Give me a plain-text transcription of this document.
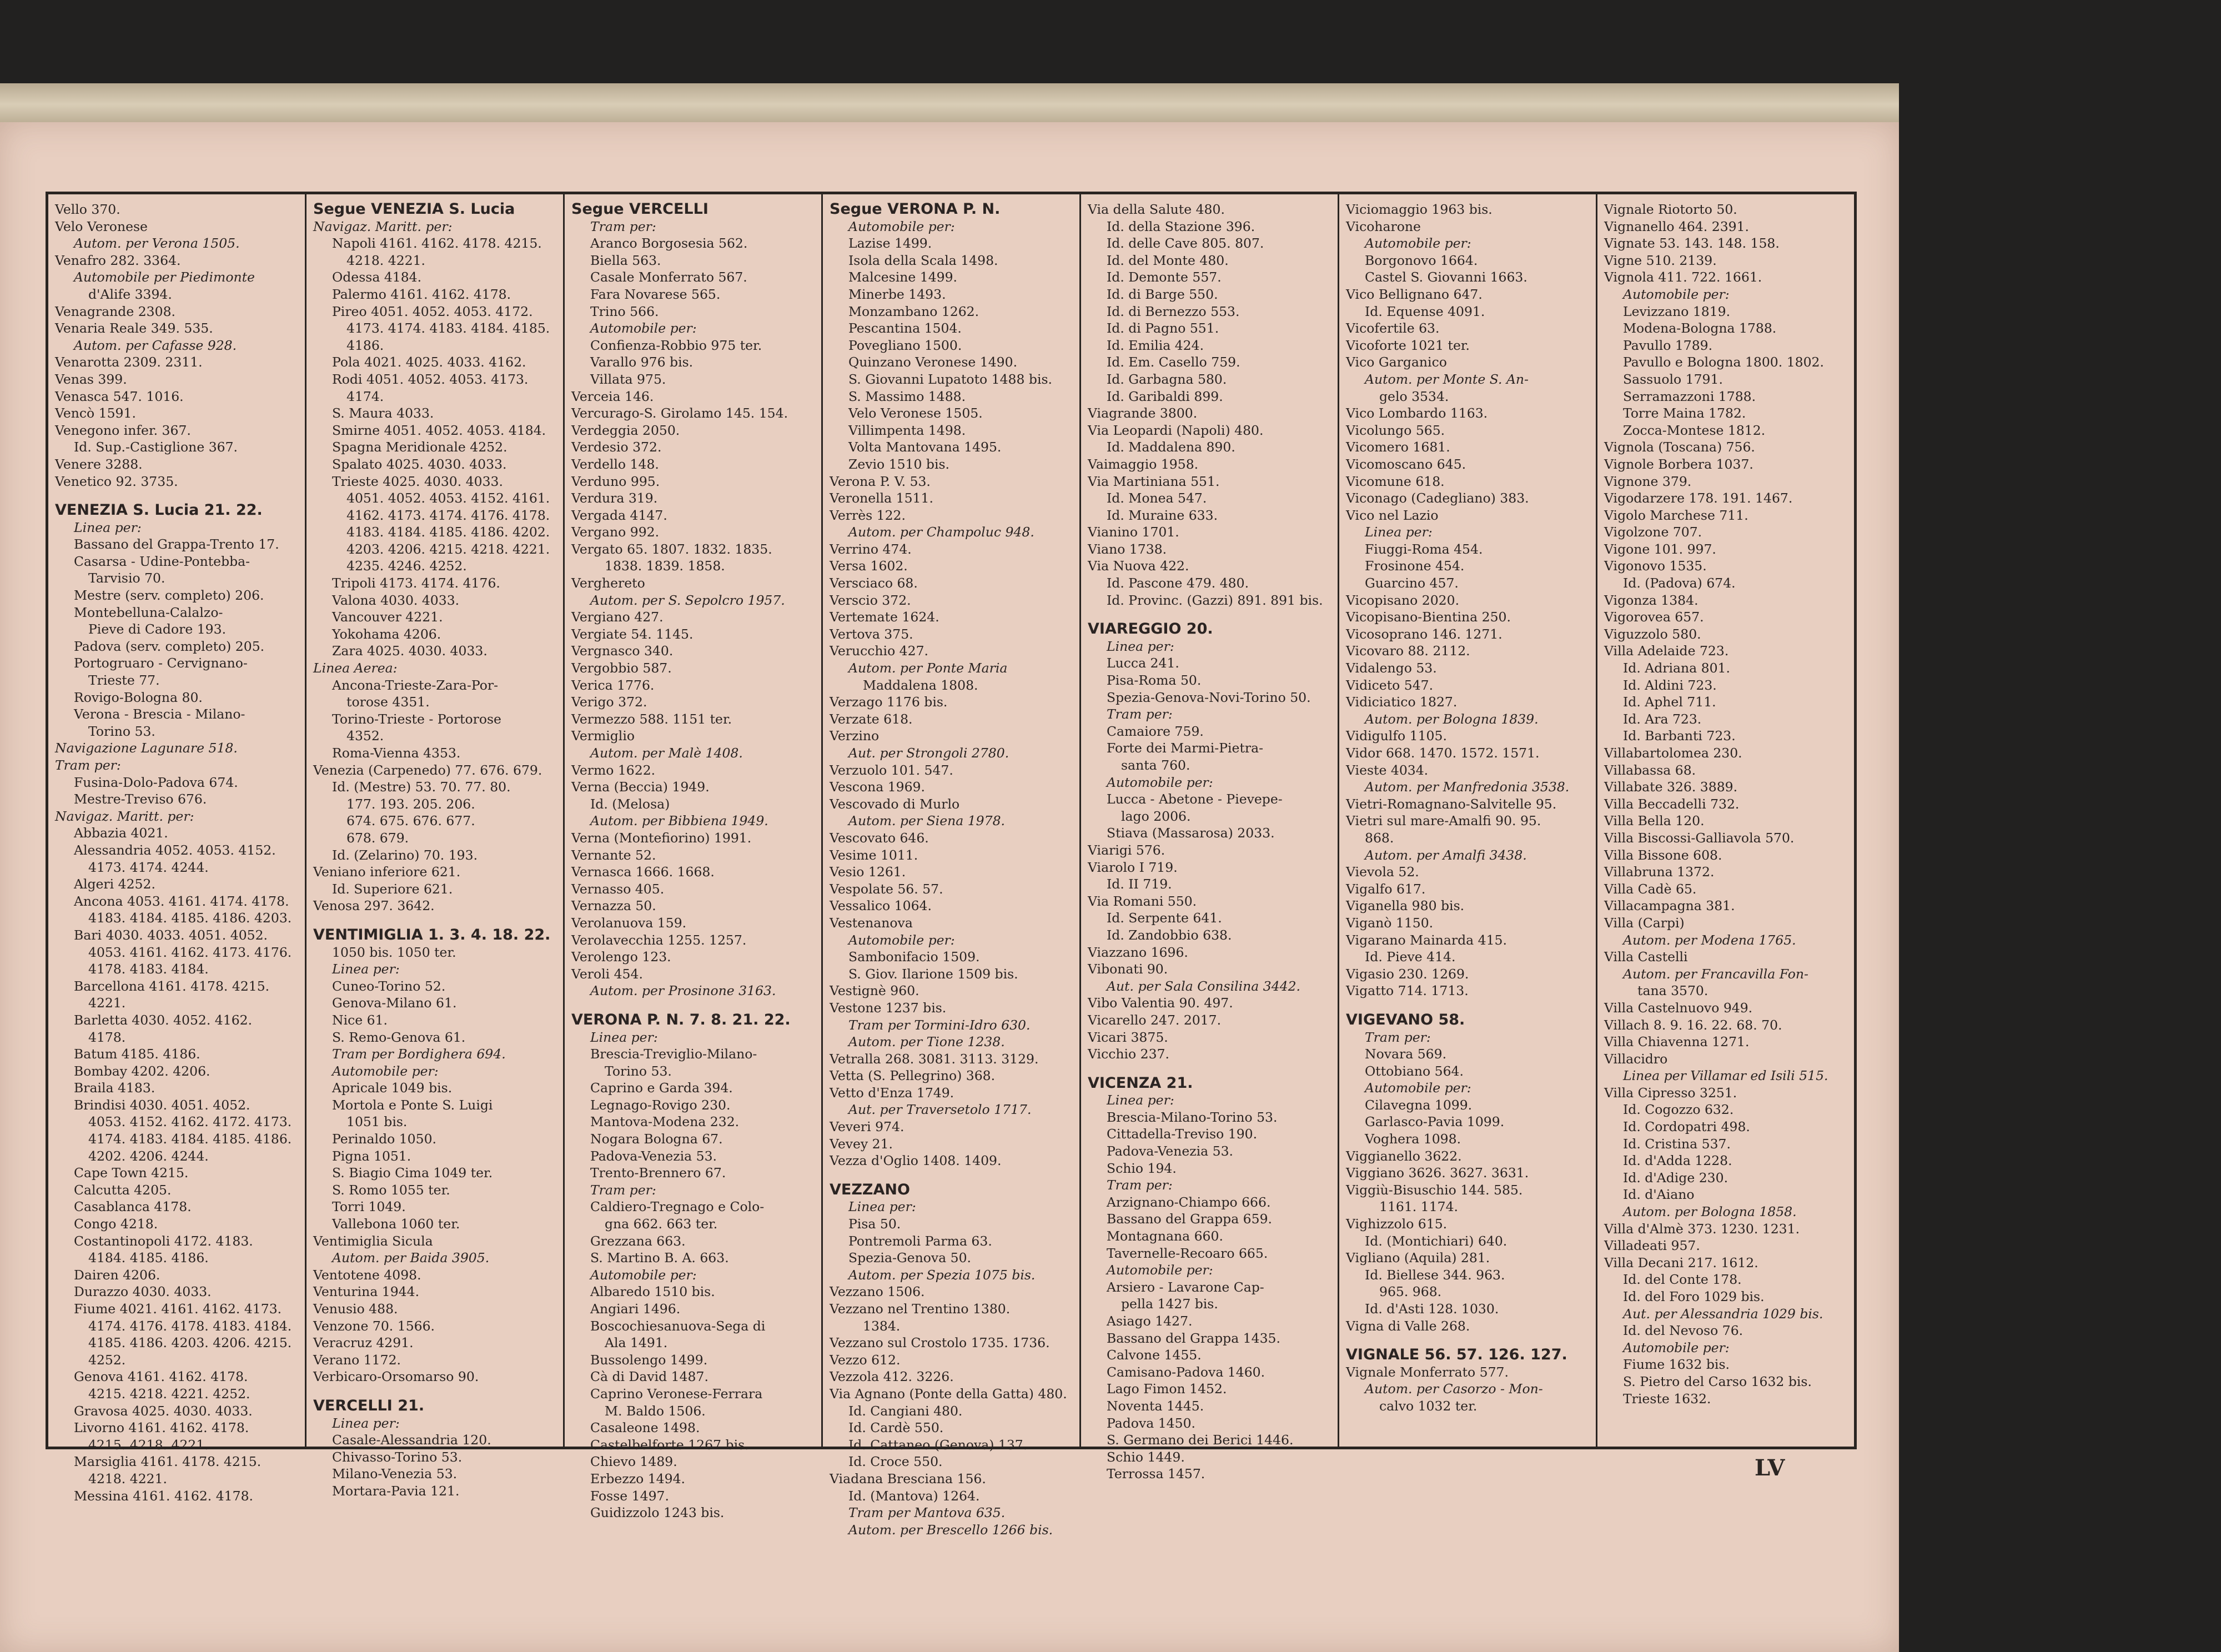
Vello 370.
Velo Veronese
Autom. per Verona 1505.
Venafro 282. 3364.
Automobile per Piedimonte
d'Alife 3394.
Venagrande 2308.
Venaria Reale 349. 535.
Autom. per Cafasse 928.
Venarotta 2309. 2311.
Venas 399.
Venasca 547. 1016.
Vencò 1591.
Venegono infer. 367.
Id. Sup.-Castiglione 367.
Venere 3288.
Venetico 92. 3735.
VENEZIA S. Lucia 21. 22.
Linea per:
Bassano del Grappa-Trento 17.
Casarsa - Udine-Pontebba-
Tarvisio 70.
Mestre (serv. completo) 206.
Montebelluna-Calalzo-
Pieve di Cadore 193.
Padova (serv. completo) 205.
Portogruaro - Cervignano-
Trieste 77.
Rovigo-Bologna 80.
Verona - Brescia - Milano-
Torino 53.
Navigazione Lagunare 518.
Tram per:
Fusina-Dolo-Padova 674.
Mestre-Treviso 676.
Navigaz. Maritt. per:
Abbazia 4021.
Alessandria 4052. 4053. 4152.
4173. 4174. 4244.
Algeri 4252.
Ancona 4053. 4161. 4174. 4178.
4183. 4184. 4185. 4186. 4203.
Bari 4030. 4033. 4051. 4052.
4053. 4161. 4162. 4173. 4176.
4178. 4183. 4184.
Barcellona 4161. 4178. 4215.
4221.
Barletta 4030. 4052. 4162.
4178.
Batum 4185. 4186.
Bombay 4202. 4206.
Braila 4183.
Brindisi 4030. 4051. 4052.
4053. 4152. 4162. 4172. 4173.
4174. 4183. 4184. 4185. 4186.
4202. 4206. 4244.
Cape Town 4215.
Calcutta 4205.
Casablanca 4178.
Congo 4218.
Costantinopoli 4172. 4183.
4184. 4185. 4186.
Dairen 4206.
Durazzo 4030. 4033.
Fiume 4021. 4161. 4162. 4173.
4174. 4176. 4178. 4183. 4184.
4185. 4186. 4203. 4206. 4215.
4252.
Genova 4161. 4162. 4178.
4215. 4218. 4221. 4252.
Gravosa 4025. 4030. 4033.
Livorno 4161. 4162. 4178.
4215. 4218. 4221.
Marsiglia 4161. 4178. 4215.
4218. 4221.
Messina 4161. 4162. 4178.
Segue VENEZIA S. Lucia
Navigaz. Maritt. per:
Napoli 4161. 4162. 4178. 4215.
4218. 4221.
Odessa 4184.
Palermo 4161. 4162. 4178.
Pireo 4051. 4052. 4053. 4172.
4173. 4174. 4183. 4184. 4185.
4186.
Pola 4021. 4025. 4033. 4162.
Rodi 4051. 4052. 4053. 4173.
4174.
S. Maura 4033.
Smirne 4051. 4052. 4053. 4184.
Spagna Meridionale 4252.
Spalato 4025. 4030. 4033.
Trieste 4025. 4030. 4033.
4051. 4052. 4053. 4152. 4161.
4162. 4173. 4174. 4176. 4178.
4183. 4184. 4185. 4186. 4202.
4203. 4206. 4215. 4218. 4221.
4235. 4246. 4252.
Tripoli 4173. 4174. 4176.
Valona 4030. 4033.
Vancouver 4221.
Yokohama 4206.
Zara 4025. 4030. 4033.
Linea Aerea:
Ancona-Trieste-Zara-Por-
torose 4351.
Torino-Trieste - Portorose
4352.
Roma-Vienna 4353.
Venezia (Carpenedo) 77. 676. 679.
Id. (Mestre) 53. 70. 77. 80.
177. 193. 205. 206.
674. 675. 676. 677.
678. 679.
Id. (Zelarino) 70. 193.
Veniano inferiore 621.
Id. Superiore 621.
Venosa 297. 3642.
VENTIMIGLIA 1. 3. 4. 18. 22.
1050 bis. 1050 ter.
Linea per:
Cuneo-Torino 52.
Genova-Milano 61.
Nice 61.
S. Remo-Genova 61.
Tram per Bordighera 694.
Automobile per:
Apricale 1049 bis.
Mortola e Ponte S. Luigi
1051 bis.
Perinaldo 1050.
Pigna 1051.
S. Biagio Cima 1049 ter.
S. Romo 1055 ter.
Torri 1049.
Vallebona 1060 ter.
Ventimiglia Sicula
Autom. per Baida 3905.
Ventotene 4098.
Venturina 1944.
Venusio 488.
Venzone 70. 1566.
Veracruz 4291.
Verano 1172.
Verbicaro-Orsomarso 90.
VERCELLI 21.
Linea per:
Casale-Alessandria 120.
Chivasso-Torino 53.
Milano-Venezia 53.
Mortara-Pavia 121.
Segue VERCELLI
Tram per:
Aranco Borgosesia 562.
Biella 563.
Casale Monferrato 567.
Fara Novarese 565.
Trino 566.
Automobile per:
Confienza-Robbio 975 ter.
Varallo 976 bis.
Villata 975.
Verceia 146.
Vercurago-S. Girolamo 145. 154.
Verdeggia 2050.
Verdesio 372.
Verdello 148.
Verduno 995.
Verdura 319.
Vergada 4147.
Vergano 992.
Vergato 65. 1807. 1832. 1835.
1838. 1839. 1858.
Verghereto
Autom. per S. Sepolcro 1957.
Vergiano 427.
Vergiate 54. 1145.
Vergnasco 340.
Vergobbio 587.
Verica 1776.
Verigo 372.
Vermezzo 588. 1151 ter.
Vermiglio
Autom. per Malè 1408.
Vermo 1622.
Verna (Beccia) 1949.
Id. (Melosa)
Autom. per Bibbiena 1949.
Verna (Montefiorino) 1991.
Vernante 52.
Vernasca 1666. 1668.
Vernasso 405.
Vernazza 50.
Verolanuova 159.
Verolavecchia 1255. 1257.
Verolengo 123.
Veroli 454.
Autom. per Prosinone 3163.
VERONA P. N. 7. 8. 21. 22.
Linea per:
Brescia-Treviglio-Milano-
Torino 53.
Caprino e Garda 394.
Legnago-Rovigo 230.
Mantova-Modena 232.
Nogara Bologna 67.
Padova-Venezia 53.
Trento-Brennero 67.
Tram per:
Caldiero-Tregnago e Colo-
gna 662. 663 ter.
Grezzana 663.
S. Martino B. A. 663.
Automobile per:
Albaredo 1510 bis.
Angiari 1496.
Boscochiesanuova-Sega di
Ala 1491.
Bussolengo 1499.
Cà di David 1487.
Caprino Veronese-Ferrara
M. Baldo 1506.
Casaleone 1498.
Castelbelforte 1267 bis.
Chievo 1489.
Erbezzo 1494.
Fosse 1497.
Guidizzolo 1243 bis.
Segue VERONA P. N.
Automobile per:
Lazise 1499.
Isola della Scala 1498.
Malcesine 1499.
Minerbe 1493.
Monzambano 1262.
Pescantina 1504.
Povegliano 1500.
Quinzano Veronese 1490.
S. Giovanni Lupatoto 1488 bis.
S. Massimo 1488.
Velo Veronese 1505.
Villimpenta 1498.
Volta Mantovana 1495.
Zevio 1510 bis.
Verona P. V. 53.
Veronella 1511.
Verrès 122.
Autom. per Champoluc 948.
Verrino 474.
Versa 1602.
Versciaco 68.
Verscio 372.
Vertemate 1624.
Vertova 375.
Verucchio 427.
Autom. per Ponte Maria
Maddalena 1808.
Verzago 1176 bis.
Verzate 618.
Verzino
Aut. per Strongoli 2780.
Verzuolo 101. 547.
Vescona 1969.
Vescovado di Murlo
Autom. per Siena 1978.
Vescovato 646.
Vesime 1011.
Vesio 1261.
Vespolate 56. 57.
Vessalico 1064.
Vestenanova
Automobile per:
Sambonifacio 1509.
S. Giov. Ilarione 1509 bis.
Vestignè 960.
Vestone 1237 bis.
Tram per Tormini-Idro 630.
Autom. per Tione 1238.
Vetralla 268. 3081. 3113. 3129.
Vetta (S. Pellegrino) 368.
Vetto d'Enza 1749.
Aut. per Traversetolo 1717.
Veveri 974.
Vevey 21.
Vezza d'Oglio 1408. 1409.
VEZZANO
Linea per:
Pisa 50.
Pontremoli Parma 63.
Spezia-Genova 50.
Autom. per Spezia 1075 bis.
Vezzano 1506.
Vezzano nel Trentino 1380.
1384.
Vezzano sul Crostolo 1735. 1736.
Vezzo 612.
Vezzola 412. 3226.
Via Agnano (Ponte della Gatta) 480.
Id. Cangiani 480.
Id. Cardè 550.
Id. Cattaneo (Genova) 137.
Id. Croce 550.
Viadana Bresciana 156.
Id. (Mantova) 1264.
Tram per Mantova 635.
Autom. per Brescello 1266 bis.
Via della Salute 480.
Id. della Stazione 396.
Id. delle Cave 805. 807.
Id. del Monte 480.
Id. Demonte 557.
Id. di Barge 550.
Id. di Bernezzo 553.
Id. di Pagno 551.
Id. Emilia 424.
Id. Em. Casello 759.
Id. Garbagna 580.
Id. Garibaldi 899.
Viagrande 3800.
Via Leopardi (Napoli) 480.
Id. Maddalena 890.
Vaimaggio 1958.
Via Martiniana 551.
Id. Monea 547.
Id. Muraine 633.
Vianino 1701.
Viano 1738.
Via Nuova 422.
Id. Pascone 479. 480.
Id. Provinc. (Gazzi) 891. 891 bis.
VIAREGGIO 20.
Linea per:
Lucca 241.
Pisa-Roma 50.
Spezia-Genova-Novi-Torino 50.
Tram per:
Camaiore 759.
Forte dei Marmi-Pietra-
santa 760.
Automobile per:
Lucca - Abetone - Pievepe-
lago 2006.
Stiava (Massarosa) 2033.
Viarigi 576.
Viarolo I 719.
Id. II 719.
Via Romani 550.
Id. Serpente 641.
Id. Zandobbio 638.
Viazzano 1696.
Vibonati 90.
Aut. per Sala Consilina 3442.
Vibo Valentia 90. 497.
Vicarello 247. 2017.
Vicari 3875.
Vicchio 237.
VICENZA 21.
Linea per:
Brescia-Milano-Torino 53.
Cittadella-Treviso 190.
Padova-Venezia 53.
Schio 194.
Tram per:
Arzignano-Chiampo 666.
Bassano del Grappa 659.
Montagnana 660.
Tavernelle-Recoaro 665.
Automobile per:
Arsiero - Lavarone Cap-
pella 1427 bis.
Asiago 1427.
Bassano del Grappa 1435.
Calvone 1455.
Camisano-Padova 1460.
Lago Fimon 1452.
Noventa 1445.
Padova 1450.
S. Germano dei Berici 1446.
Schio 1449.
Terrossa 1457.
Viciomaggio 1963 bis.
Vicoharone
Automobile per:
Borgonovo 1664.
Castel S. Giovanni 1663.
Vico Bellignano 647.
Id. Equense 4091.
Vicofertile 63.
Vicoforte 1021 ter.
Vico Garganico
Autom. per Monte S. An-
gelo 3534.
Vico Lombardo 1163.
Vicolungo 565.
Vicomero 1681.
Vicomoscano 645.
Vicomune 618.
Viconago (Cadegliano) 383.
Vico nel Lazio
Linea per:
Fiuggi-Roma 454.
Frosinone 454.
Guarcino 457.
Vicopisano 2020.
Vicopisano-Bientina 250.
Vicosoprano 146. 1271.
Vicovaro 88. 2112.
Vidalengo 53.
Vidiceto 547.
Vidiciatico 1827.
Autom. per Bologna 1839.
Vidigulfo 1105.
Vidor 668. 1470. 1572. 1571.
Vieste 4034.
Autom. per Manfredonia 3538.
Vietri-Romagnano-Salvitelle 95.
Vietri sul mare-Amalfi 90. 95.
868.
Autom. per Amalfi 3438.
Vievola 52.
Vigalfo 617.
Viganella 980 bis.
Viganò 1150.
Vigarano Mainarda 415.
Id. Pieve 414.
Vigasio 230. 1269.
Vigatto 714. 1713.
VIGEVANO 58.
Tram per:
Novara 569.
Ottobiano 564.
Automobile per:
Cilavegna 1099.
Garlasco-Pavia 1099.
Voghera 1098.
Viggianello 3622.
Viggiano 3626. 3627. 3631.
Viggiù-Bisuschio 144. 585.
1161. 1174.
Vighizzolo 615.
Id. (Montichiari) 640.
Vigliano (Aquila) 281.
Id. Biellese 344. 963.
965. 968.
Id. d'Asti 128. 1030.
Vigna di Valle 268.
VIGNALE 56. 57. 126. 127.
Vignale Monferrato 577.
Autom. per Casorzo - Mon-
calvo 1032 ter.
Vignale Riotorto 50.
Vignanello 464. 2391.
Vignate 53. 143. 148. 158.
Vigne 510. 2139.
Vignola 411. 722. 1661.
Automobile per:
Levizzano 1819.
Modena-Bologna 1788.
Pavullo 1789.
Pavullo e Bologna 1800. 1802.
Sassuolo 1791.
Serramazzoni 1788.
Torre Maina 1782.
Zocca-Montese 1812.
Vignola (Toscana) 756.
Vignole Borbera 1037.
Vignone 379.
Vigodarzere 178. 191. 1467.
Vigolo Marchese 711.
Vigolzone 707.
Vigone 101. 997.
Vigonovo 1535.
Id. (Padova) 674.
Vigonza 1384.
Vigorovea 657.
Viguzzolo 580.
Villa Adelaide 723.
Id. Adriana 801.
Id. Aldini 723.
Id. Aphel 711.
Id. Ara 723.
Id. Barbanti 723.
Villabartolomea 230.
Villabassa 68.
Villabate 326. 3889.
Villa Beccadelli 732.
Villa Bella 120.
Villa Biscossi-Galliavola 570.
Villa Bissone 608.
Villabruna 1372.
Villa Cadè 65.
Villacampagna 381.
Villa (Carpi)
Autom. per Modena 1765.
Villa Castelli
Autom. per Francavilla Fon-
tana 3570.
Villa Castelnuovo 949.
Villach 8. 9. 16. 22. 68. 70.
Villa Chiavenna 1271.
Villacidro
Linea per Villamar ed Isili 515.
Villa Cipresso 3251.
Id. Cogozzo 632.
Id. Cordopatri 498.
Id. Cristina 537.
Id. d'Adda 1228.
Id. d'Adige 230.
Id. d'Aiano
Autom. per Bologna 1858.
Villa d'Almè 373. 1230. 1231.
Villadeati 957.
Villa Decani 217. 1612.
Id. del Conte 178.
Id. del Foro 1029 bis.
Aut. per Alessandria 1029 bis.
Id. del Nevoso 76.
Automobile per:
Fiume 1632 bis.
S. Pietro del Carso 1632 bis.
Trieste 1632.
LV
